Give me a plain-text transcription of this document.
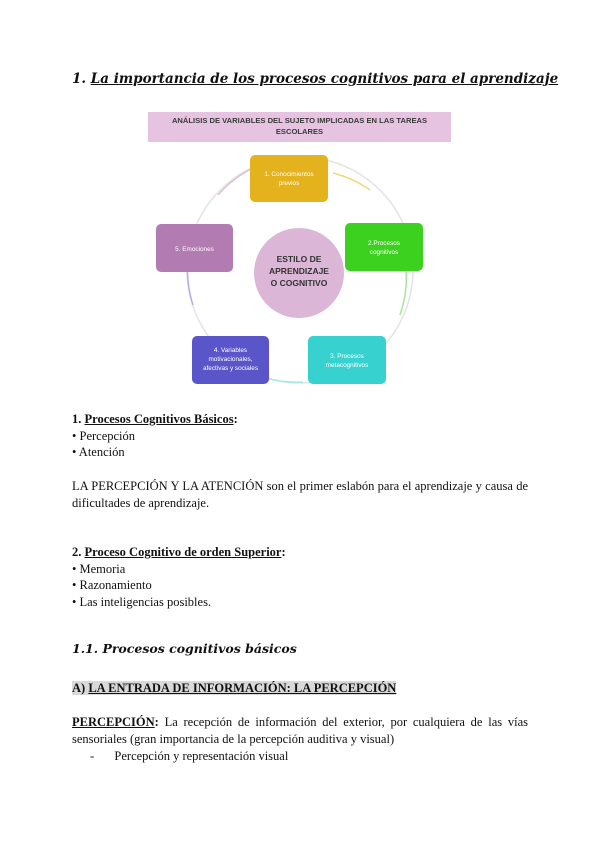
1. La importancia de los procesos cognitivos para el aprendizaje
ANÁLISIS DE VARIABLES DEL SUJETO IMPLICADAS EN LAS TAREAS
ESCOLARES
ESTILO DE
APRENDIZAJE
O COGNITIVO
1. Conocimientos
previos
2.Procesos
cognitivos
3. Procesos
metacognitivos
4. Variables
motivacionales,
afectivas y sociales
5. Emociones
1. Procesos Cognitivos Básicos:
• Percepción
• Atención
LA PERCEPCIÓN Y LA ATENCIÓN son el primer eslabón para el aprendizaje y causa de
dificultades de aprendizaje.
2. Proceso Cognitivo de orden Superior:
• Memoria
• Razonamiento
• Las inteligencias posibles.
1.1. Procesos cognitivos básicos
A) LA ENTRADA DE INFORMACIÓN: LA PERCEPCIÓN
PERCEPCIÓN: La recepción de información del exterior, por cualquiera de las vías
sensoriales (gran importancia de la percepción auditiva y visual)
- Percepción y representación visual
